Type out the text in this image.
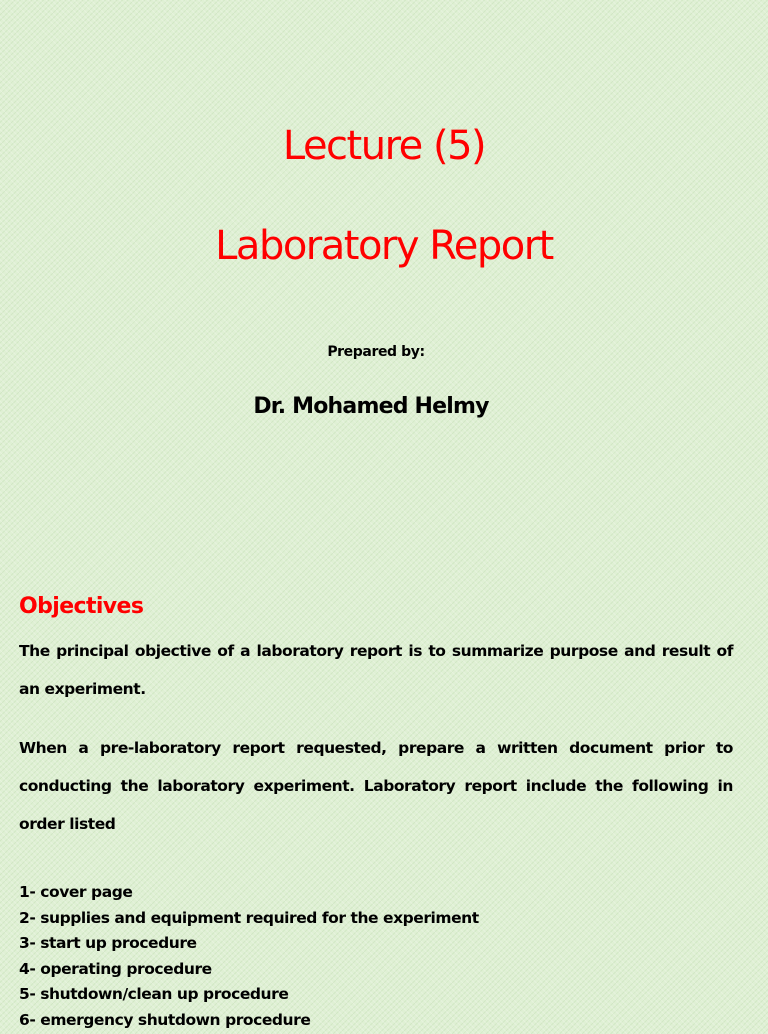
Lecture (5)
Laboratory Report
Prepared by:
Dr. Mohamed Helmy
Objectives

The principal objective of a laboratory report is to summarize purpose and result of an experiment.

When a pre-laboratory report requested, prepare a written document prior to conducting the laboratory experiment. Laboratory report include the following in order listed

1- cover page
2- supplies and equipment required for the experiment
3- start up procedure
4- operating procedure
5- shutdown/clean up procedure
6- emergency shutdown procedure
